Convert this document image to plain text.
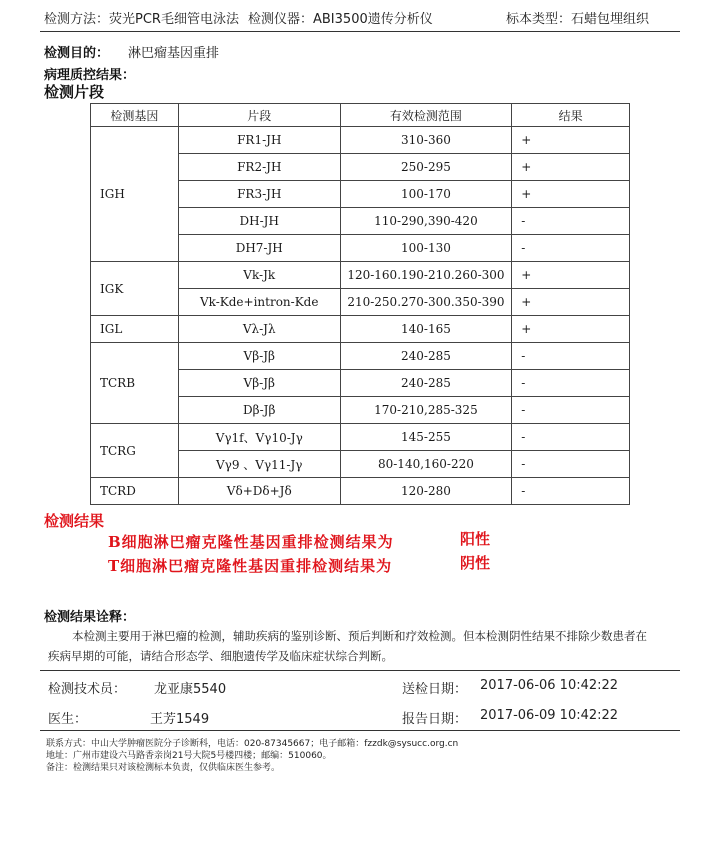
检测方法：荧光PCR毛细管电泳法 检测仪器：ABI3500遗传分析仪	标本类型：石蜡包埋组织
检测目的： 淋巴瘤基因重排
病理质控结果：
检测片段
检测基因	片段	有效检测范围	结果
IGH	FR1-JH	310-360	+
	FR2-JH	250-295	+
	FR3-JH	100-170	+
	DH-JH	110-290,390-420	-
	DH7-JH	100-130	-
IGK	Vk-Jk	120-160.190-210.260-300	+
	Vk-Kde+intron-Kde	210-250.270-300.350-390	+
IGL	Vλ-Jλ	140-165	+
TCRB	Vβ-Jβ	240-285	-
	Vβ-Jβ	240-285	-
	Dβ-Jβ	170-210,285-325	-
TCRG	Vγ1f、Vγ10-Jγ	145-255	-
	Vγ9 、Vγ11-Jγ	80-140,160-220	-
TCRD	Vδ+Dδ+Jδ	120-280	-
检测结果
B细胞淋巴瘤克隆性基因重排检测结果为	阳性
T细胞淋巴瘤克隆性基因重排检测结果为	阴性
检测结果诠释：
本检测主要用于淋巴瘤的检测，辅助疾病的鉴别诊断、预后判断和疗效检测。但本检测阴性结果不排除少数患者在疾病早期的可能，请结合形态学、细胞遗传学及临床症状综合判断。
检测技术员： 龙亚康5540	送检日期： 2017-06-06 10:42:22
医生：	王芳1549	报告日期： 2017-06-09 10:42:22
联系方式：中山大学肿瘤医院分子诊断科，电话：020-87345667；电子邮箱：fzzdk@sysucc.org.cn
地址：广州市建设六马路香亲岗21号大院5号楼四楼；邮编：510060。
备注：检测结果只对该检测标本负责，仅供临床医生参考。
